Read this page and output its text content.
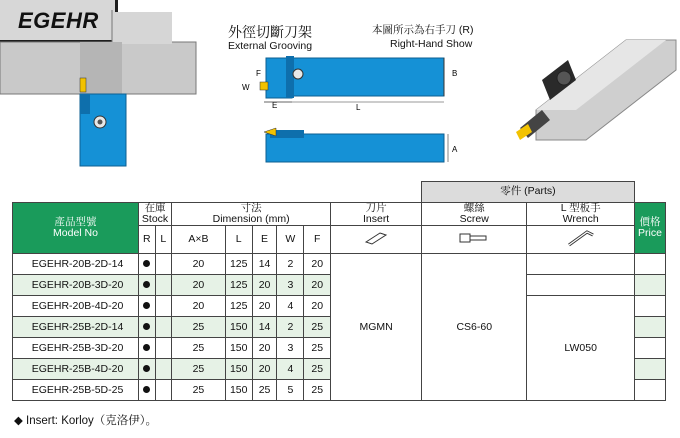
EGEHR	外徑切斷刀架
External Grooving
本圖所示為右手刀 (R)
Right-Hand Show
F
W
E	L
B
A
									零件 (Parts)		
產品型號
Model No	在庫
Stock		寸法
Dimension (mm)					刀片
Insert	螺絲
Screw	L 型板手
Wrench	價格
Price
	R	L	A×B	L	E	W	F			
EGEHR-20B-2D-14			20	125	14	2	20	MGMN	CS6-60		
EGEHR-20B-3D-20			20	125	20	3	20				
EGEHR-20B-4D-20			20	125	20	4	20			LW050	
EGEHR-25B-2D-14			25	150	14	2	25				
EGEHR-25B-3D-20			25	150	20	3	25				
EGEHR-25B-4D-20			25	150	20	4	25				
EGEHR-25B-5D-25			25	150	25	5	25				
◆ Insert: Korloy（克洛伊）。
